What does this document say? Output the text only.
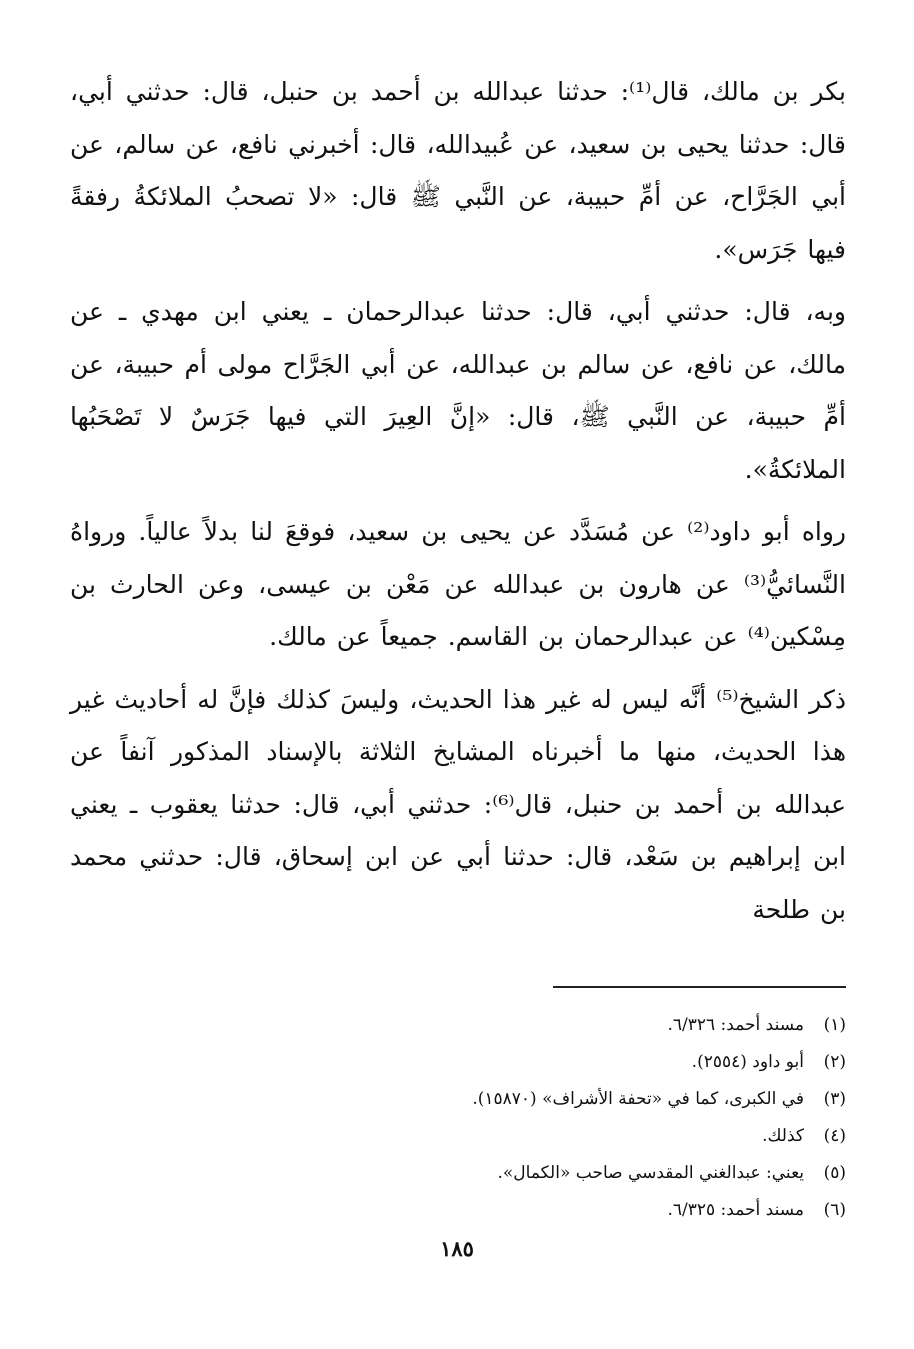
بكر بن مالك، قال⁽¹⁾: حدثنا عبدالله بن أحمد بن حنبل، قال: حدثني أبي، قال: حدثنا يحيى بن سعيد، عن عُبيدالله، قال: أخبرني نافع، عن سالم، عن أبي الجَرَّاح، عن أمِّ حبيبة، عن النَّبي ﷺ قال: «لا تصحبُ الملائكةُ رفقةً فيها جَرَس».

وبه، قال: حدثني أبي، قال: حدثنا عبدالرحمان ـ يعني ابن مهدي ـ عن مالك، عن نافع، عن سالم بن عبدالله، عن أبي الجَرَّاح مولى أم حبيبة، عن أمِّ حبيبة، عن النَّبي ﷺ، قال: «إنَّ العِيرَ التي فيها جَرَسٌ لا تَصْحَبُها الملائكةُ».

رواه أبو داود⁽²⁾ عن مُسَدَّد عن يحيى بن سعيد، فوقعَ لنا بدلاً عالياً. ورواهُ النَّسائيُّ⁽³⁾ عن هارون بن عبدالله عن مَعْن بن عيسى، وعن الحارث بن مِسْكين⁽⁴⁾ عن عبدالرحمان بن القاسم. جميعاً عن مالك.

ذكر الشيخ⁽⁵⁾ أنَّه ليس له غير هذا الحديث، وليسَ كذلك فإنَّ له أحاديث غير هذا الحديث، منها ما أخبرناه المشايخ الثلاثة بالإسناد المذكور آنفاً عن عبدالله بن أحمد بن حنبل، قال⁽⁶⁾: حدثني أبي، قال: حدثنا يعقوب ـ يعني ابن إبراهيم بن سَعْد، قال: حدثنا أبي عن ابن إسحاق، قال: حدثني محمد بن طلحة

(١)
مسند أحمد: ٦/٣٢٦.
(٢)
أبو داود (٢٥٥٤).
(٣)
في الكبرى، كما في «تحفة الأشراف» (١٥٨٧٠).
(٤)
كذلك.
(٥)
يعني: عبدالغني المقدسي صاحب «الكمال».
(٦)
مسند أحمد: ٦/٣٢٥.
١٨٥
